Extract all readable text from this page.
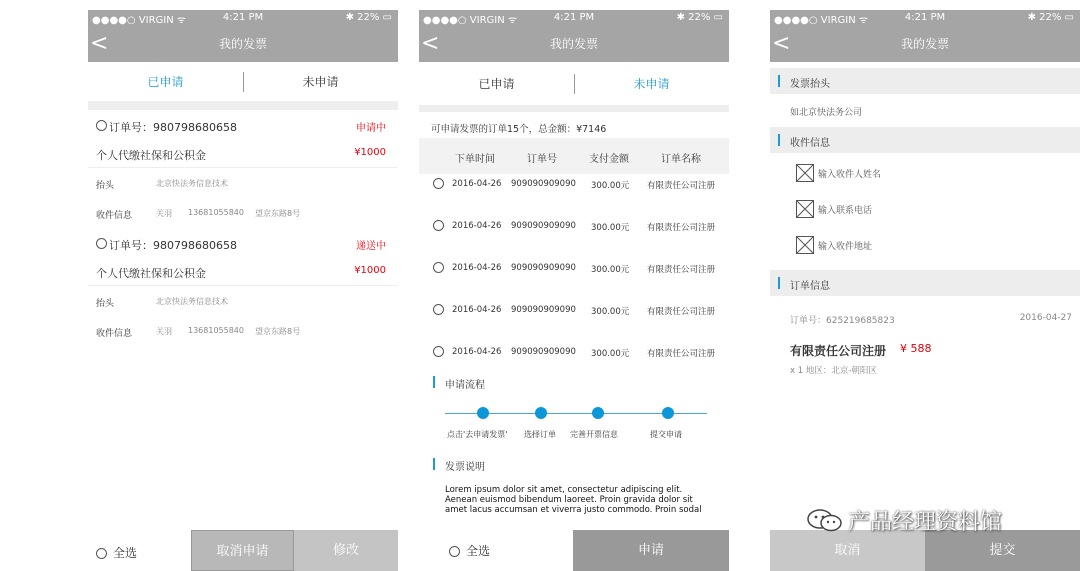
●●●●○ VIRGIN ᯤ	4:21 PM	✱ 22% ▭
<	我的发票
已申请	未申请
订单号：980798680658	申请中
个人代缴社保和公积金	¥1000
抬头	北京快法务信息技术
收件信息	关羽 13681055840 望京东路8号
订单号：980798680658	递送中
个人代缴社保和公积金	¥1000
抬头	北京快法务信息技术
收件信息	关羽 13681055840 望京东路8号
全选	取消申请	修改
●●●●○ VIRGIN ᯤ	4:21 PM	✱ 22% ▭
<	我的发票
已申请	未申请
可申请发票的订单15个，总金额：¥7146
下单时间	订单号	支付金额	订单名称
2016-04-26 909090909090 300.00元 有限责任公司注册
2016-04-26 909090909090 300.00元 有限责任公司注册
2016-04-26 909090909090 300.00元 有限责任公司注册
2016-04-26 909090909090 300.00元 有限责任公司注册
2016-04-26 909090909090 300.00元 有限责任公司注册
申请流程
点击'去申请发票' 选择订单 完善开票信息	提交申请
发票说明
Lorem ipsum dolor sit amet, consectetur adipiscing elit. Aenean euismod bibendum laoreet. Proin gravida dolor sit amet lacus accumsan et viverra justo commodo. Proin sodal
全选	申请
●●●●○ VIRGIN ᯤ	4:21 PM	✱ 22% ▭
<	我的发票
发票抬头
如北京快法务公司
收件信息
输入收件人姓名
输入联系电话
输入收件地址
订单信息
订单号：625219685823	2016-04-27
有限责任公司注册 ¥ 588
x 1 地区：北京-朝阳区
取消	提交
产品经理资料馆
